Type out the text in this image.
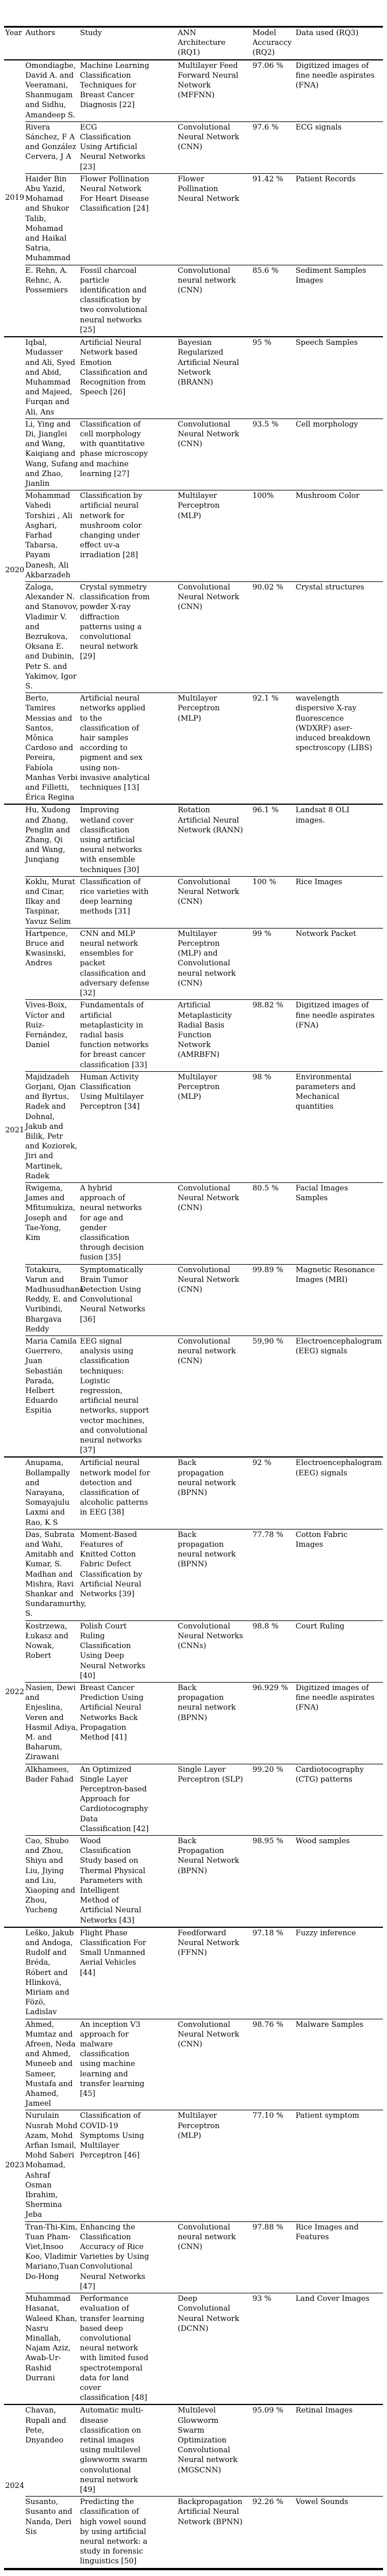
Year	Authors	Study	ANN Architecture (RQ1)	Model Accuraccy (RQ2)	Data used (RQ3)
2019	Omondiagbe, David A. and Veeramani, Shanmugam and Sidhu, Amandeep S.	Machine Learning Classification Techniques for Breast Cancer Diagnosis [22]	Multilayer Feed Forward Neural Network (MFFNN)	97.06 %	Digitized images of fine needle aspirates (FNA)
	Rivera Sánchez, F A and González Cervera, J A	ECG Classification Using Artificial Neural Networks [23]	Convolutional Neural Network (CNN)	97.6 %	ECG signals
	Haider Bin Abu Yazid, Mohamad and Shukor Talib, Mohamad and Haikal Satria, Muhammad	Flower Pollination Neural Network For Heart Disease Classification [24]	Flower Pollination Neural Network	91.42 %	Patient Records
	E. Rehn, A. Rehnc, A. Possemiers	Fossil charcoal particle identification and classification by two convolutional neural networks [25]	Convolutional neural network (CNN)	85.6 %	Sediment Samples Images
2020	Iqbal, Mudasser and Ali, Syed and Abid, Muhammad and Majeed, Furqan and Ali, Ans	Artificial Neural Network based Emotion Classification and Recognition from Speech [26]	Bayesian Regularized Artificial Neural Network (BRANN)	95 %	Speech Samples
	Li, Ying and Di, Jianglei and Wang, Kaiqiang and Wang, Sufang and Zhao, Jianlin	Classification of cell morphology with quantitative phase microscopy and machine learning [27]	Convolutional Neural Network (CNN)	93.5 %	Cell morphology
	Mohammad Vahedi Torshizi , Ali Asghari, Farhad Tabarsa, Payam Danesh, Ali Akbarzadeh	Classification by artificial neural network for mushroom color changing under effect uv-a irradiation [28]	Multilayer Perceptron (MLP)	100%	Mushroom Color
	Zaloga, Alexander N. and Stanovov, Vladimir V. and Bezrukova, Oksana E. and Dubinin, Petr S. and Yakimov, Igor S.	Crystal symmetry classification from powder X-ray diffraction patterns using a convolutional neural network [29]	Convolutional Neural Network (CNN)	90.02 %	Crystal structures
	Berto, Tamires Messias and Santos, Mônica Cardoso and Pereira, Fabíola Manhas Verbi and Filletti, Érica Regina	Artificial neural networks applied to the classification of hair samples according to pigment and sex using non-invasive analytical techniques [13]	Multilayer Perceptron (MLP)	92.1 %	wavelength dispersive X-ray fluorescence (WDXRF) aser-induced breakdown spectroscopy (LIBS)
2021	Hu, Xudong and Zhang, Penglin and Zhang, Qi and Wang, Junqiang	Improving wetland cover classification using artificial neural networks with ensemble techniques [30]	Rotation Artificial Neural Network (RANN)	96.1 %	Landsat 8 OLI images.
	Koklu, Murat and Cinar, Ilkay and Taspinar, Yavuz Selim	Classification of rice varieties with deep learning methods [31]	Convolutional Neural Network (CNN)	100 %	Rice Images
	Hartpence, Bruce and Kwasinski, Andres	CNN and MLP neural network ensembles for packet classification and adversary defense [32]	Multilayer Perceptron (MLP) and Convolutional neural network (CNN)	99 %	Network Packet
	Vives-Boix, Víctor and Ruiz-Fernández, Daniel	Fundamentals of artificial metaplasticity in radial basis function networks for breast cancer classification [33]	Artificial Metaplasticity Radial Basis Function Network (AMRBFN)	98.82 %	Digitized images of fine needle aspirates (FNA)
	Majidzadeh Gorjani, Ojan and Byrtus, Radek and Dohnal, Jakub and Bilik, Petr and Koziorek, Jiri and Martinek, Radek	Human Activity Classification Using Multilayer Perceptron [34]	Multilayer Perceptron (MLP)	98 %	Environmental parameters and Mechanical quantities
	Rwigema, James and Mfitumukiza, Joseph and Tae-Yong, Kim	A hybrid approach of neural networks for age and gender classification through decision fusion [35]	Convolutional Neural Network (CNN)	80.5 %	Facial Images Samples
	Totakura, Varun and Madhusudhana Reddy, E. and Vuribindi, Bhargava Reddy	Symptomatically Brain Tumor Detection Using Convolutional Neural Networks [36]	Convolutional Neural Network (CNN)	99.89 %	Magnetic Resonance Images (MRI)
	Maria Camila Guerrero, Juan Sebastián Parada, Helbert Eduardo Espitia	EEG signal analysis using classification techniques: Logistic regression, artificial neural networks, support vector machines, and convolutional neural networks [37]	Convolutional neural network (CNN)	59,90 %	Electroencephalogram (EEG) signals
2022	Anupama, Bollampally and Narayana, Somayajulu Laxmi and Rao, K S	Artificial neural network model for detection and classification of alcoholic patterns in EEG [38]	Back propagation neural network (BPNN)	92 %	Electroencephalogram (EEG) signals
	Das, Subrata and Wahi, Amitabh and Kumar, S. Madhan and Mishra, Ravi Shankar and Sundaramurthy, S.	Moment-Based Features of Knitted Cotton Fabric Defect Classification by Artificial Neural Networks [39]	Back propagation neural network (BPNN)	77.78 %	Cotton Fabric Images
	Kostrzewa, Łukasz and Nowak, Robert	Polish Court Ruling Classification Using Deep Neural Networks [40]	Convolutional Neural Networks (CNNs)	98.8 %	Court Ruling
	Nasien, Dewi and Enjeslina, Veren and Hasmil Adiya, M. and Baharum, Zirawani	Breast Cancer Prediction Using Artificial Neural Networks Back Propagation Method [41]	Back propagation neural network (BPNN)	96.929 %	Digitized images of fine needle aspirates (FNA)
	Alkhamees, Bader Fahad	An Optimized Single Layer Perceptron-based Approach for Cardiotocography Data Classification [42]	Single Layer Perceptron (SLP)	99.20 %	Cardiotocography (CTG) patterns
	Cao, Shubo and Zhou, Shiyu and Liu, Jiying and Liu, Xiaoping and Zhou, Yucheng	Wood Classification Study based on Thermal Physical Parameters with Intelligent Method of Artificial Neural Networks [43]	Back Propagation Neural Network (BPNN)	98.95 %	Wood samples
2023	Leško, Jakub and Andoga, Rudolf and Bréda, Róbert and Hlinková, Miriam and Fözö, Ladislav	Flight Phase Classification For Small Unmanned Aerial Vehicles [44]	Feedforward Neural Network (FFNN)	97.18 %	Fuzzy inference
	Ahmed, Mumtaz and Afreen, Neda and Ahmed, Muneeb and Sameer, Mustafa and Ahamed, Jameel	An inception V3 approach for malware classification using machine learning and transfer learning [45]	Convolutional Neural Network (CNN)	98.76 %	Malware Samples
	Nurulain Nusrah Mohd Azam, Mohd Arfian Ismail, Mohd Saberi Mohamad, Ashraf Osman Ibrahim, Shermina Jeba	Classification of COVID-19 Symptoms Using Multilayer Perceptron [46]	Multilayer Perceptron (MLP)	77.10 %	Patient symptom
	Tran-Thi-Kim, Tuan Pham-Viet,Insoo Koo, Vladimir Mariano,Tuan Do-Hong	Enhancing the Classification Accuracy of Rice Varieties by Using Convolutional Neural Networks [47]	Convolutional neural network (CNN)	97.88 %	Rice Images and Features
	Muhammad Hasanat, Waleed Khan, Nasru Minallah, Najam Aziz, Awab-Ur-Rashid Durrani	Performance evaluation of transfer learning based deep convolutional neural network with limited fused spectrotemporal data for land cover classification [48]	Deep Convolutional Neural Network (DCNN)	93 %	Land Cover Images
2024	Chavan, Rupali and Pete, Dnyandeo	Automatic multi-disease classification on retinal images using multilevel glowworm swarm convolutional neural network [49]	Multilevel Glowworm Swarm Optimization Convolutional Neural network (MGSCNN)	95.09 %	Retinal Images
	Susanto, Susanto and Nanda, Deri Sis	Predicting the classification of high vowel sound by using artificial neural network: a study in forensic linguistics [50]	Backpropagation Artificial Neural Network (BPNN)	92.26 %	Vowel Sounds
